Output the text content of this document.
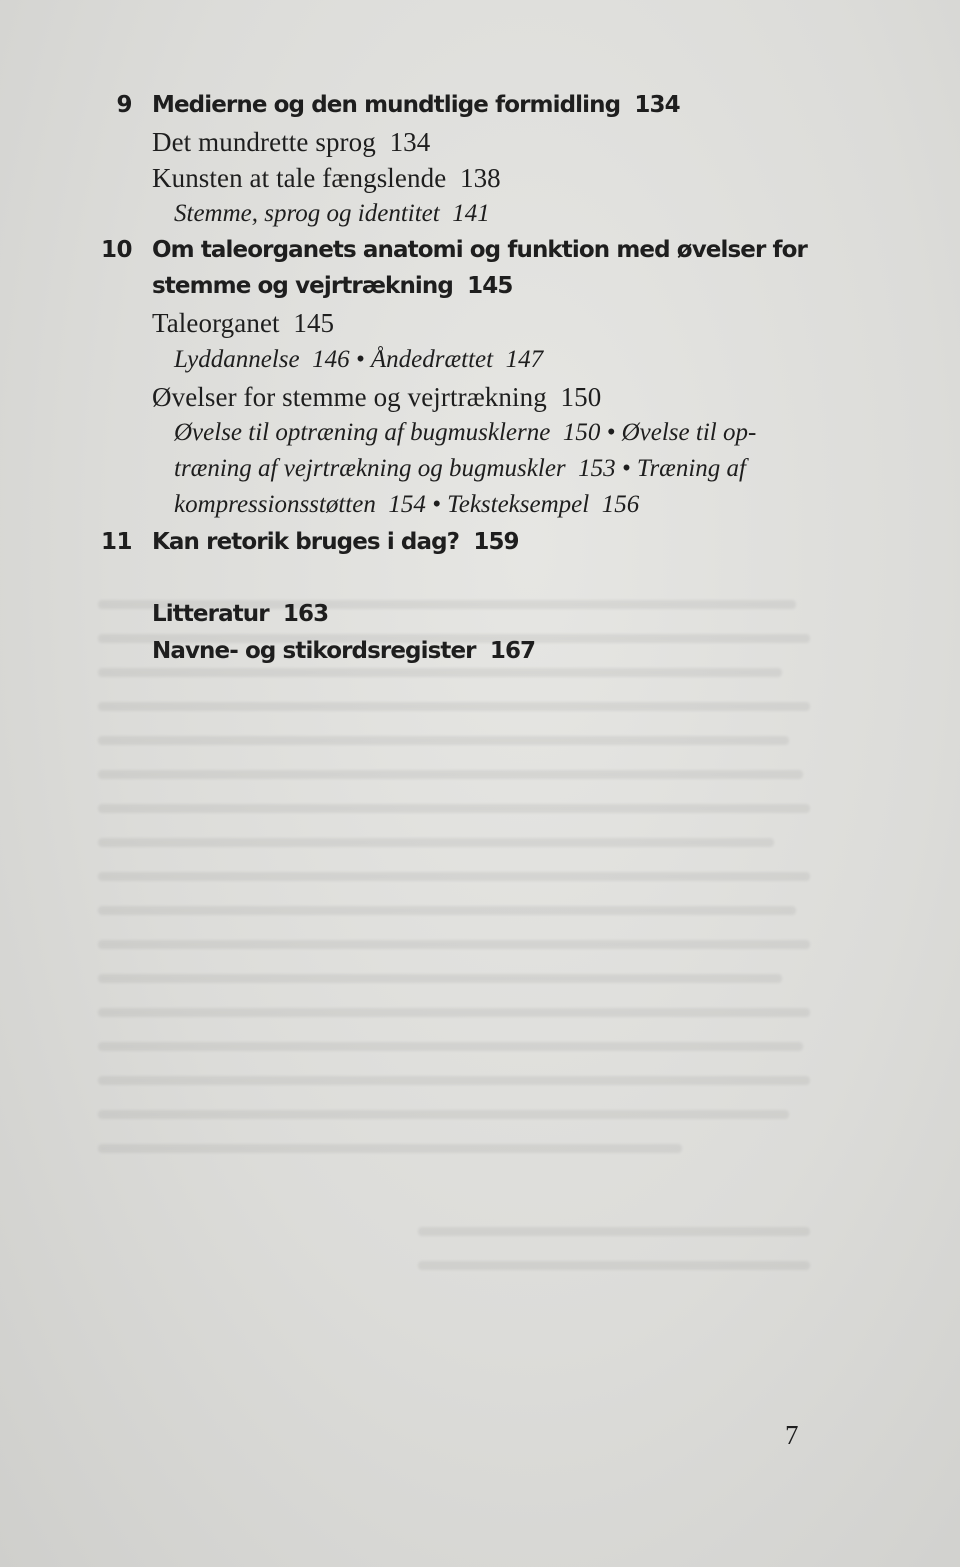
9 Medierne og den mundtlige formidling 134
Det mundrette sprog 134
Kunsten at tale fængslende 138
Stemme, sprog og identitet 141
10 Om taleorganets anatomi og funktion med øvelser for
stemme og vejrtrækning 145
Taleorganet 145
Lyddannelse 146 • Åndedrættet 147
Øvelser for stemme og vejrtrækning 150
Øvelse til optræning af bugmusklerne 150 • Øvelse til op-
træning af vejrtrækning og bugmuskler 153 • Træning af
kompressionsstøtten 154 • Teksteksempel 156
11 Kan retorik bruges i dag? 159
Litteratur 163
Navne- og stikordsregister 167
7
